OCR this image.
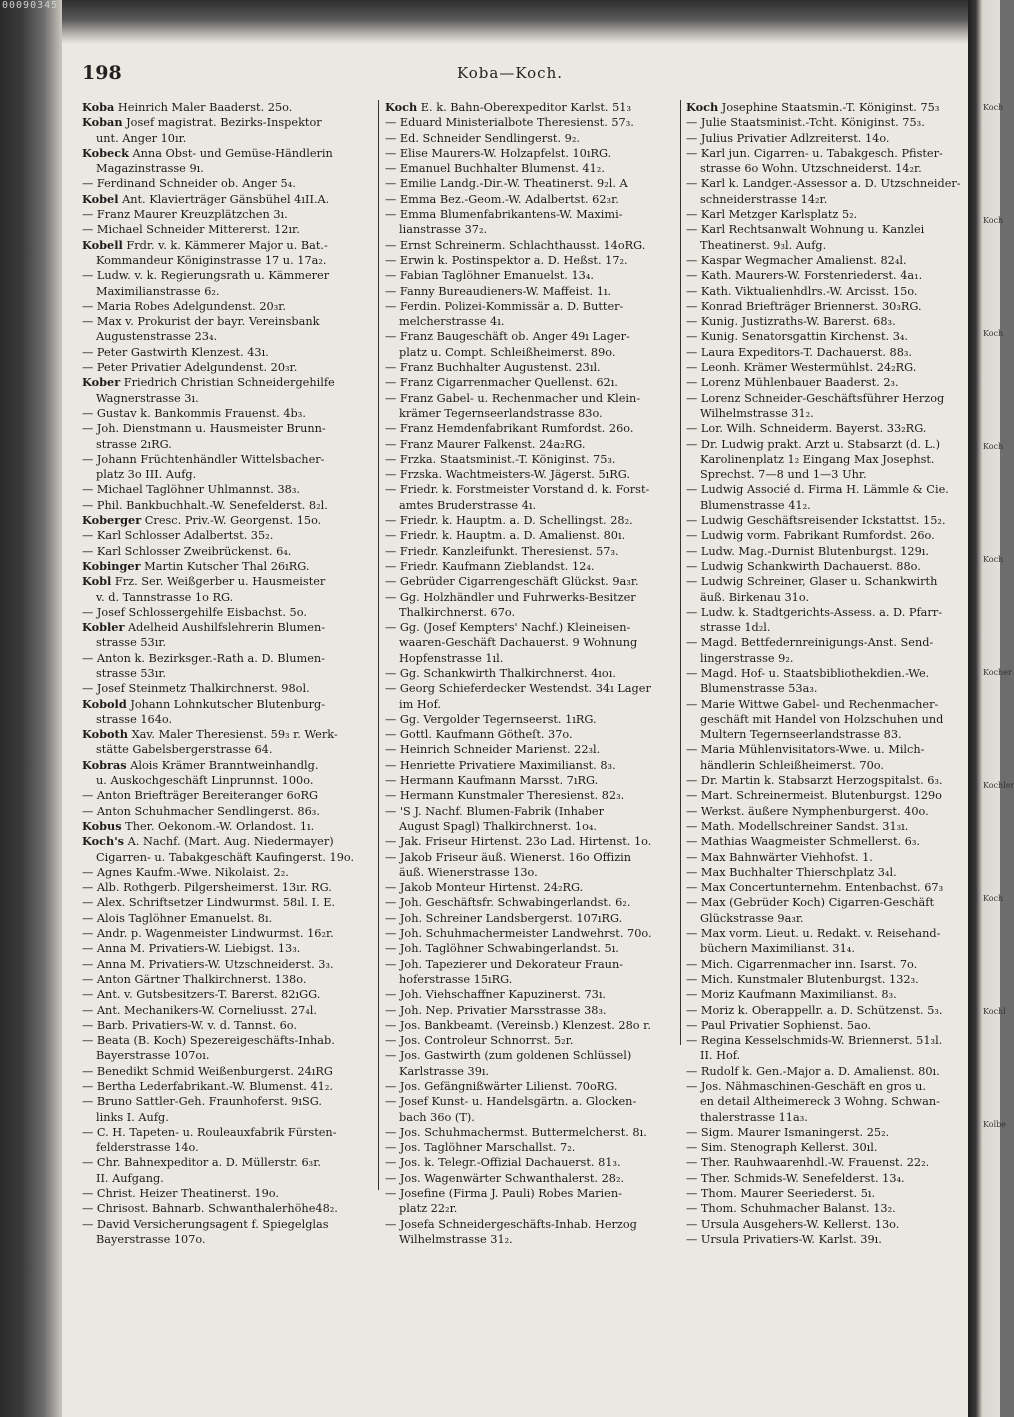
00090345
198	Koba—Koch.
Koba Heinrich Maler Baaderst. 25o.
Koban Josef magistrat. Bezirks-Inspektor
unt. Anger 10ır.
Kobeck Anna Obst- und Gemüse-Händlerin
Magazinstrasse 9ı.
— Ferdinand Schneider ob. Anger 5₄.
Kobel Ant. Klavierträger Gänsbühel 4ıII.A.
— Franz Maurer Kreuzplätzchen 3ı.
— Michael Schneider Mittererst. 12ır.
Kobell Frdr. v. k. Kämmerer Major u. Bat.-
Kommandeur Königinstrasse 17 u. 17a₂.
— Ludw. v. k. Regierungsrath u. Kämmerer
Maximilianstrasse 6₂.
— Maria Robes Adelgundenst. 20₃r.
— Max v. Prokurist der bayr. Vereinsbank
Augustenstrasse 23₄.
— Peter Gastwirth Klenzest. 43ı.
— Peter Privatier Adelgundenst. 20₃r.
Kober Friedrich Christian Schneidergehilfe
Wagnerstrasse 3ı.
— Gustav k. Bankommis Frauenst. 4b₃.
— Joh. Dienstmann u. Hausmeister Brunn-
strasse 2ıRG.
— Johann Früchtenhändler Wittelsbacher-
platz 3o III. Aufg.
— Michael Taglöhner Uhlmannst. 38₃.
— Phil. Bankbuchhalt.-W. Senefelderst. 8₂l.
Koberger Cresc. Priv.-W. Georgenst. 15o.
— Karl Schlosser Adalbertst. 35₂.
— Karl Schlosser Zweibrückenst. 6₄.
Kobinger Martin Kutscher Thal 26ıRG.
Kobl Frz. Ser. Weißgerber u. Hausmeister
v. d. Tannstrasse 1o RG.
— Josef Schlossergehilfe Eisbachst. 5o.
Kobler Adelheid Aushilfslehrerin Blumen-
strasse 53ır.
— Anton k. Bezirksger.-Rath a. D. Blumen-
strasse 53ır.
— Josef Steinmetz Thalkirchnerst. 98ol.
Kobold Johann Lohnkutscher Blutenburg-
strasse 164o.
Koboth Xav. Maler Theresienst. 59₃ r. Werk-
stätte Gabelsbergerstrasse 64.
Kobras Alois Krämer Branntweinhandlg.
u. Auskochgeschäft Linprunnst. 100o.
— Anton Briefträger Bereiteranger 6oRG
— Anton Schuhmacher Sendlingerst. 86₃.
Kobus Ther. Oekonom.-W. Orlandost. 1ı.
Koch's A. Nachf. (Mart. Aug. Niedermayer)
Cigarren- u. Tabakgeschäft Kaufingerst. 19o.
— Agnes Kaufm.-Wwe. Nikolaist. 2₂.
— Alb. Rothgerb. Pilgersheimerst. 13ır. RG.
— Alex. Schriftsetzer Lindwurmst. 58ıl. I. E.
— Alois Taglöhner Emanuelst. 8ı.
— Andr. p. Wagenmeister Lindwurmst. 16₂r.
— Anna M. Privatiers-W. Liebigst. 13₃.
— Anna M. Privatiers-W. Utzschneiderst. 3₃.
— Anton Gärtner Thalkirchnerst. 138o.
— Ant. v. Gutsbesitzers-T. Barerst. 82ıGG.
— Ant. Mechanikers-W. Corneliusst. 27₄l.
— Barb. Privatiers-W. v. d. Tannst. 6o.
— Beata (B. Koch) Spezereigeschäfts-Inhab.
Bayerstrasse 107oı.
— Benedikt Schmid Weißenburgerst. 24ıRG
— Bertha Lederfabrikant.-W. Blumenst. 41₂.
— Bruno Sattler-Geh. Fraunhoferst. 9ıSG.
links I. Aufg.
— C. H. Tapeten- u. Rouleauxfabrik Fürsten-
felderstrasse 14o.
— Chr. Bahnexpeditor a. D. Müllerstr. 6₃r.
II. Aufgang.
— Christ. Heizer Theatinerst. 19o.
— Chrisost. Bahnarb. Schwanthalerhöhe48₂.
— David Versicherungsagent f. Spiegelglas
Bayerstrasse 107o.
Koch E. k. Bahn-Oberexpeditor Karlst. 51₃
— Eduard Ministerialbote Theresienst. 57₃.
— Ed. Schneider Sendlingerst. 9₂.
— Elise Maurers-W. Holzapfelst. 10ıRG.
— Emanuel Buchhalter Blumenst. 41₂.
— Emilie Landg.-Dir.-W. Theatinerst. 9₂l. A
— Emma Bez.-Geom.-W. Adalbertst. 62₃r.
— Emma Blumenfabrikantens-W. Maximi-
lianstrasse 37₂.
— Ernst Schreinerm. Schlachthausst. 14oRG.
— Erwin k. Postinspektor a. D. Heßst. 17₂.
— Fabian Taglöhner Emanuelst. 13₄.
— Fanny Bureaudieners-W. Maffeist. 1ı.
— Ferdin. Polizei-Kommissär a. D. Butter-
melcherstrasse 4ı.
— Franz Baugeschäft ob. Anger 49ı Lager-
platz u. Compt. Schleißheimerst. 89o.
— Franz Buchhalter Augustenst. 23ıl.
— Franz Cigarrenmacher Quellenst. 62ı.
— Franz Gabel- u. Rechenmacher und Klein-
krämer Tegernseerlandstrasse 83o.
— Franz Hemdenfabrikant Rumfordst. 26o.
— Franz Maurer Falkenst. 24a₂RG.
— Frzka. Staatsminist.-T. Königinst. 75₃.
— Frzska. Wachtmeisters-W. Jägerst. 5ıRG.
— Friedr. k. Forstmeister Vorstand d. k. Forst-
amtes Bruderstrasse 4ı.
— Friedr. k. Hauptm. a. D. Schellingst. 28₂.
— Friedr. k. Hauptm. a. D. Amalienst. 80ı.
— Friedr. Kanzleifunkt. Theresienst. 57₃.
— Friedr. Kaufmann Zieblandst. 12₄.
— Gebrüder Cigarrengeschäft Glückst. 9a₃r.
— Gg. Holzhändler und Fuhrwerks-Besitzer
Thalkirchnerst. 67o.
— Gg. (Josef Kempters' Nachf.) Kleineisen-
waaren-Geschäft Dachauerst. 9 Wohnung
Hopfenstrasse 1ıl.
— Gg. Schankwirth Thalkirchnerst. 4ıoı.
— Georg Schieferdecker Westendst. 34ı Lager
im Hof.
— Gg. Vergolder Tegernseerst. 1ıRG.
— Gottl. Kaufmann Götheſt. 37o.
— Heinrich Schneider Marienst. 22₃l.
— Henriette Privatiere Maximilianst. 8₃.
— Hermann Kaufmann Marsst. 7ıRG.
— Hermann Kunstmaler Theresienst. 82₃.
— 'S J. Nachf. Blumen-Fabrik (Inhaber
August Spagl) Thalkirchnerst. 1o₄.
— Jak. Friseur Hirtenst. 23o Lad. Hirtenst. 1o.
— Jakob Friseur äuß. Wienerst. 16o Offizin
äuß. Wienerstrasse 13o.
— Jakob Monteur Hirtenst. 24₂RG.
— Joh. Geschäftsfr. Schwabingerlandst. 6₂.
— Joh. Schreiner Landsbergerst. 107ıRG.
— Joh. Schuhmachermeister Landwehrst. 70o.
— Joh. Taglöhner Schwabingerlandst. 5ı.
— Joh. Tapezierer und Dekorateur Fraun-
hoferstrasse 15ıRG.
— Joh. Viehschaffner Kapuzinerst. 73ı.
— Joh. Nep. Privatier Marsstrasse 38₃.
— Jos. Bankbeamt. (Vereinsb.) Klenzest. 28o r.
— Jos. Controleur Schnorrst. 5₂r.
— Jos. Gastwirth (zum goldenen Schlüssel)
Karlstrasse 39ı.
— Jos. Gefängnißwärter Lilienst. 70oRG.
— Josef Kunst- u. Handelsgärtn. a. Glocken-
bach 36o (T).
— Jos. Schuhmachermst. Buttermelcherst. 8ı.
— Jos. Taglöhner Marschallst. 7₂.
— Jos. k. Telegr.-Offizial Dachauerst. 81₃.
— Jos. Wagenwärter Schwanthalerst. 28₂.
— Josefine (Firma J. Pauli) Robes Marien-
platz 22₂r.
— Josefa Schneidergeschäfts-Inhab. Herzog
Wilhelmstrasse 31₂.
Koch Josephine Staatsmin.-T. Königinst. 75₃
— Julie Staatsminist.-Tcht. Königinst. 75₃.
— Julius Privatier Adlzreiterst. 14o.
— Karl jun. Cigarren- u. Tabakgesch. Pfister-
strasse 6o Wohn. Utzschneiderst. 14₂r.
— Karl k. Landger.-Assessor a. D. Utzschneider-
schneiderstrasse 14₂r.
— Karl Metzger Karlsplatz 5₂.
— Karl Rechtsanwalt Wohnung u. Kanzlei
Theatinerst. 9₃l. Aufg.
— Kaspar Wegmacher Amalienst. 82₄l.
— Kath. Maurers-W. Forstenriederst. 4a₁.
— Kath. Viktualienhdlrs.-W. Arcisst. 15o.
— Konrad Briefträger Briennerst. 30₃RG.
— Kunig. Justizraths-W. Barerst. 68₃.
— Kunig. Senatorsgattin Kirchenst. 3₄.
— Laura Expeditors-T. Dachauerst. 88₃.
— Leonh. Krämer Westermühlst. 24₂RG.
— Lorenz Mühlenbauer Baaderst. 2₃.
— Lorenz Schneider-Geschäftsführer Herzog
Wilhelmstrasse 31₂.
— Lor. Wilh. Schneiderm. Bayerst. 33₂RG.
— Dr. Ludwig prakt. Arzt u. Stabsarzt (d. L.)
Karolinenplatz 1₂ Eingang Max Josephst.
Sprechst. 7—8 und 1—3 Uhr.
— Ludwig Associé d. Firma H. Lämmle & Cie.
Blumenstrasse 41₂.
— Ludwig Geschäftsreisender Ickstattst. 15₂.
— Ludwig vorm. Fabrikant Rumfordst. 26o.
— Ludw. Mag.-Durnist Blutenburgst. 129ı.
— Ludwig Schankwirth Dachauerst. 88o.
— Ludwig Schreiner, Glaser u. Schankwirth
äuß. Birkenau 31o.
— Ludw. k. Stadtgerichts-Assess. a. D. Pfarr-
strasse 1d₂l.
— Magd. Bettfedernreinigungs-Anst. Send-
lingerstrasse 9₂.
— Magd. Hof- u. Staatsbibliothekdien.-We.
Blumenstrasse 53a₃.
— Marie Wittwe Gabel- und Rechenmacher-
geschäft mit Handel von Holzschuhen und
Multern Tegernseerlandstrasse 83.
— Maria Mühlenvisitators-Wwe. u. Milch-
händlerin Schleißheimerst. 70o.
— Dr. Martin k. Stabsarzt Herzogspitalst. 6₃.
— Mart. Schreinermeist. Blutenburgst. 129o
— Werkst. äußere Nymphenburgerst. 40o.
— Math. Modellschreiner Sandst. 31₃ı.
— Mathias Waagmeister Schmellerst. 6₃.
— Max Bahnwärter Viehhofst. 1.
— Max Buchhalter Thierschplatz 3₄l.
— Max Concertunternehm. Entenbachst. 67₃
— Max (Gebrüder Koch) Cigarren-Geschäft
Glückstrasse 9a₃r.
— Max vorm. Lieut. u. Redakt. v. Reisehand-
büchern Maximilianst. 31₄.
— Mich. Cigarrenmacher inn. Isarst. 7o.
— Mich. Kunstmaler Blutenburgst. 132₃.
— Moriz Kaufmann Maximilianst. 8₃.
— Moriz k. Oberappellr. a. D. Schützenst. 5₃.
— Paul Privatier Sophienst. 5ao.
— Regina Kesselschmids-W. Briennerst. 51₃l.
II. Hof.
— Rudolf k. Gen.-Major a. D. Amalienst. 80ı.
— Jos. Nähmaschinen-Geschäft en gros u.
en detail Altheimereck 3 Wohng. Schwan-
thalerstrasse 11a₃.
— Sigm. Maurer Ismaningerst. 25₂.
— Sim. Stenograph Kellerst. 30ıl.
— Ther. Rauhwaarenhdl.-W. Frauenst. 22₂.
— Ther. Schmids-W. Senefelderst. 13₄.
— Thom. Maurer Seeriederst. 5ı.
— Thom. Schuhmacher Balanst. 13₂.
— Ursula Ausgehers-W. Kellerst. 13o.
— Ursula Privatiers-W. Karlst. 39ı.
Koch
Koch
Koch
Koch
Koch
Kocher
Kochler
Koch
Kochl
Kolbe
